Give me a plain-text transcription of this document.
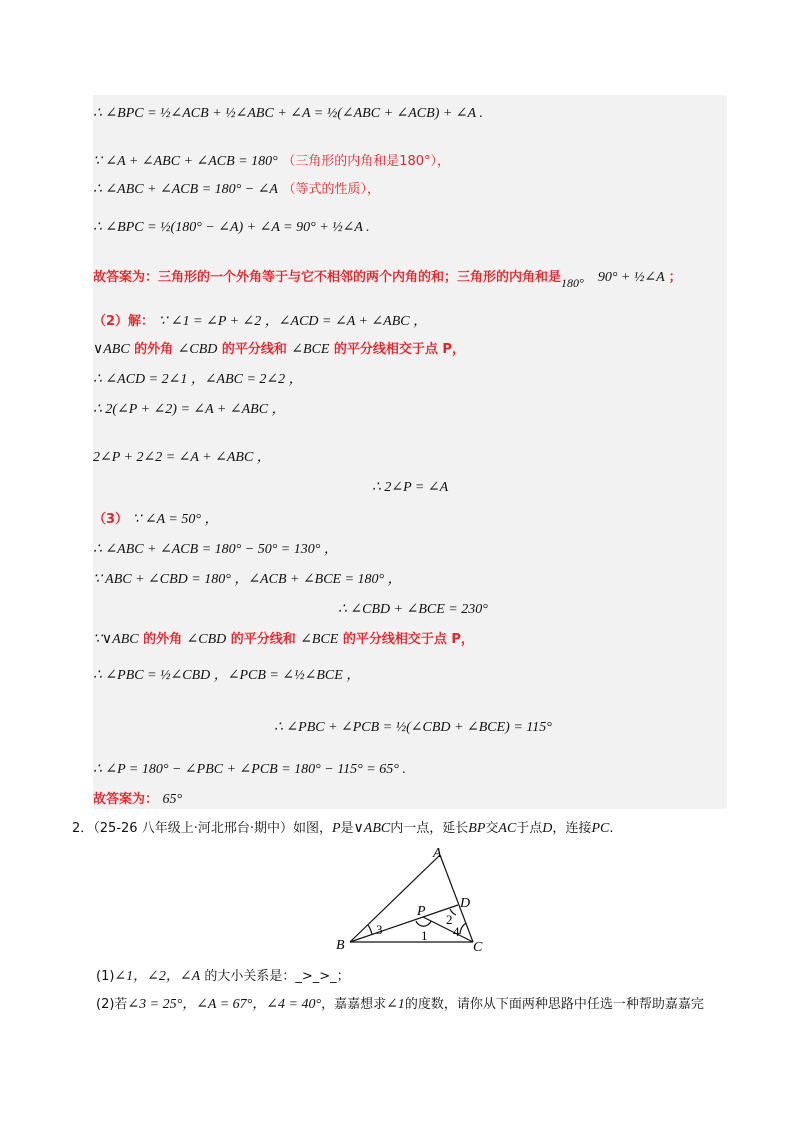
∴ ∠BPC = ½∠ACB + ½∠ABC + ∠A = ½(∠ABC + ∠ACB) + ∠A .
∵ ∠A + ∠ABC + ∠ACB = 180° （三角形的内角和是180°），
∴ ∠ABC + ∠ACB = 180° − ∠A （等式的性质），
∴ ∠BPC = ½(180° − ∠A) + ∠A = 90° + ½∠A .
故答案为：三角形的一个外角等于与它不相邻的两个内角的和；三角形的内角和是180° 90° + ½∠A ；
（2）解： ∵ ∠1 = ∠P + ∠2 ，∠ACD = ∠A + ∠ABC ，
∨ABC 的外角 ∠CBD 的平分线和 ∠BCE 的平分线相交于点 P，
∴ ∠ACD = 2∠1 ，∠ABC = 2∠2 ，
∴ 2(∠P + ∠2) = ∠A + ∠ABC ，
2∠P + 2∠2 = ∠A + ∠ABC ，
∴ 2∠P = ∠A
（3） ∵ ∠A = 50° ，
∴ ∠ABC + ∠ACB = 180° − 50° = 130° ，
∵ ABC + ∠CBD = 180° ，∠ACB + ∠BCE = 180° ，
∴ ∠CBD + ∠BCE = 230°
∵∨ABC 的外角 ∠CBD 的平分线和 ∠BCE 的平分线相交于点 P，
∴ ∠PBC = ½∠CBD ，∠PCB = ∠½∠BCE ，
∴ ∠PBC + ∠PCB = ½(∠CBD + ∠BCE) = 115°
∴ ∠P = 180° − ∠PBC + ∠PCB = 180° − 115° = 65° .
故答案为： 65°
2．（25-26 八年级上·河北邢台·期中）如图，P是∨ABC内一点，延长BP交AC于点D，连接PC.
A
B	C
D
P
1
2
3	4
(1)∠1，∠2，∠A 的大小关系是：_>_>_；
(2)若∠3 = 25°，∠A = 67°，∠4 = 40°，嘉嘉想求∠1的度数，请你从下面两种思路中任选一种帮助嘉嘉完
